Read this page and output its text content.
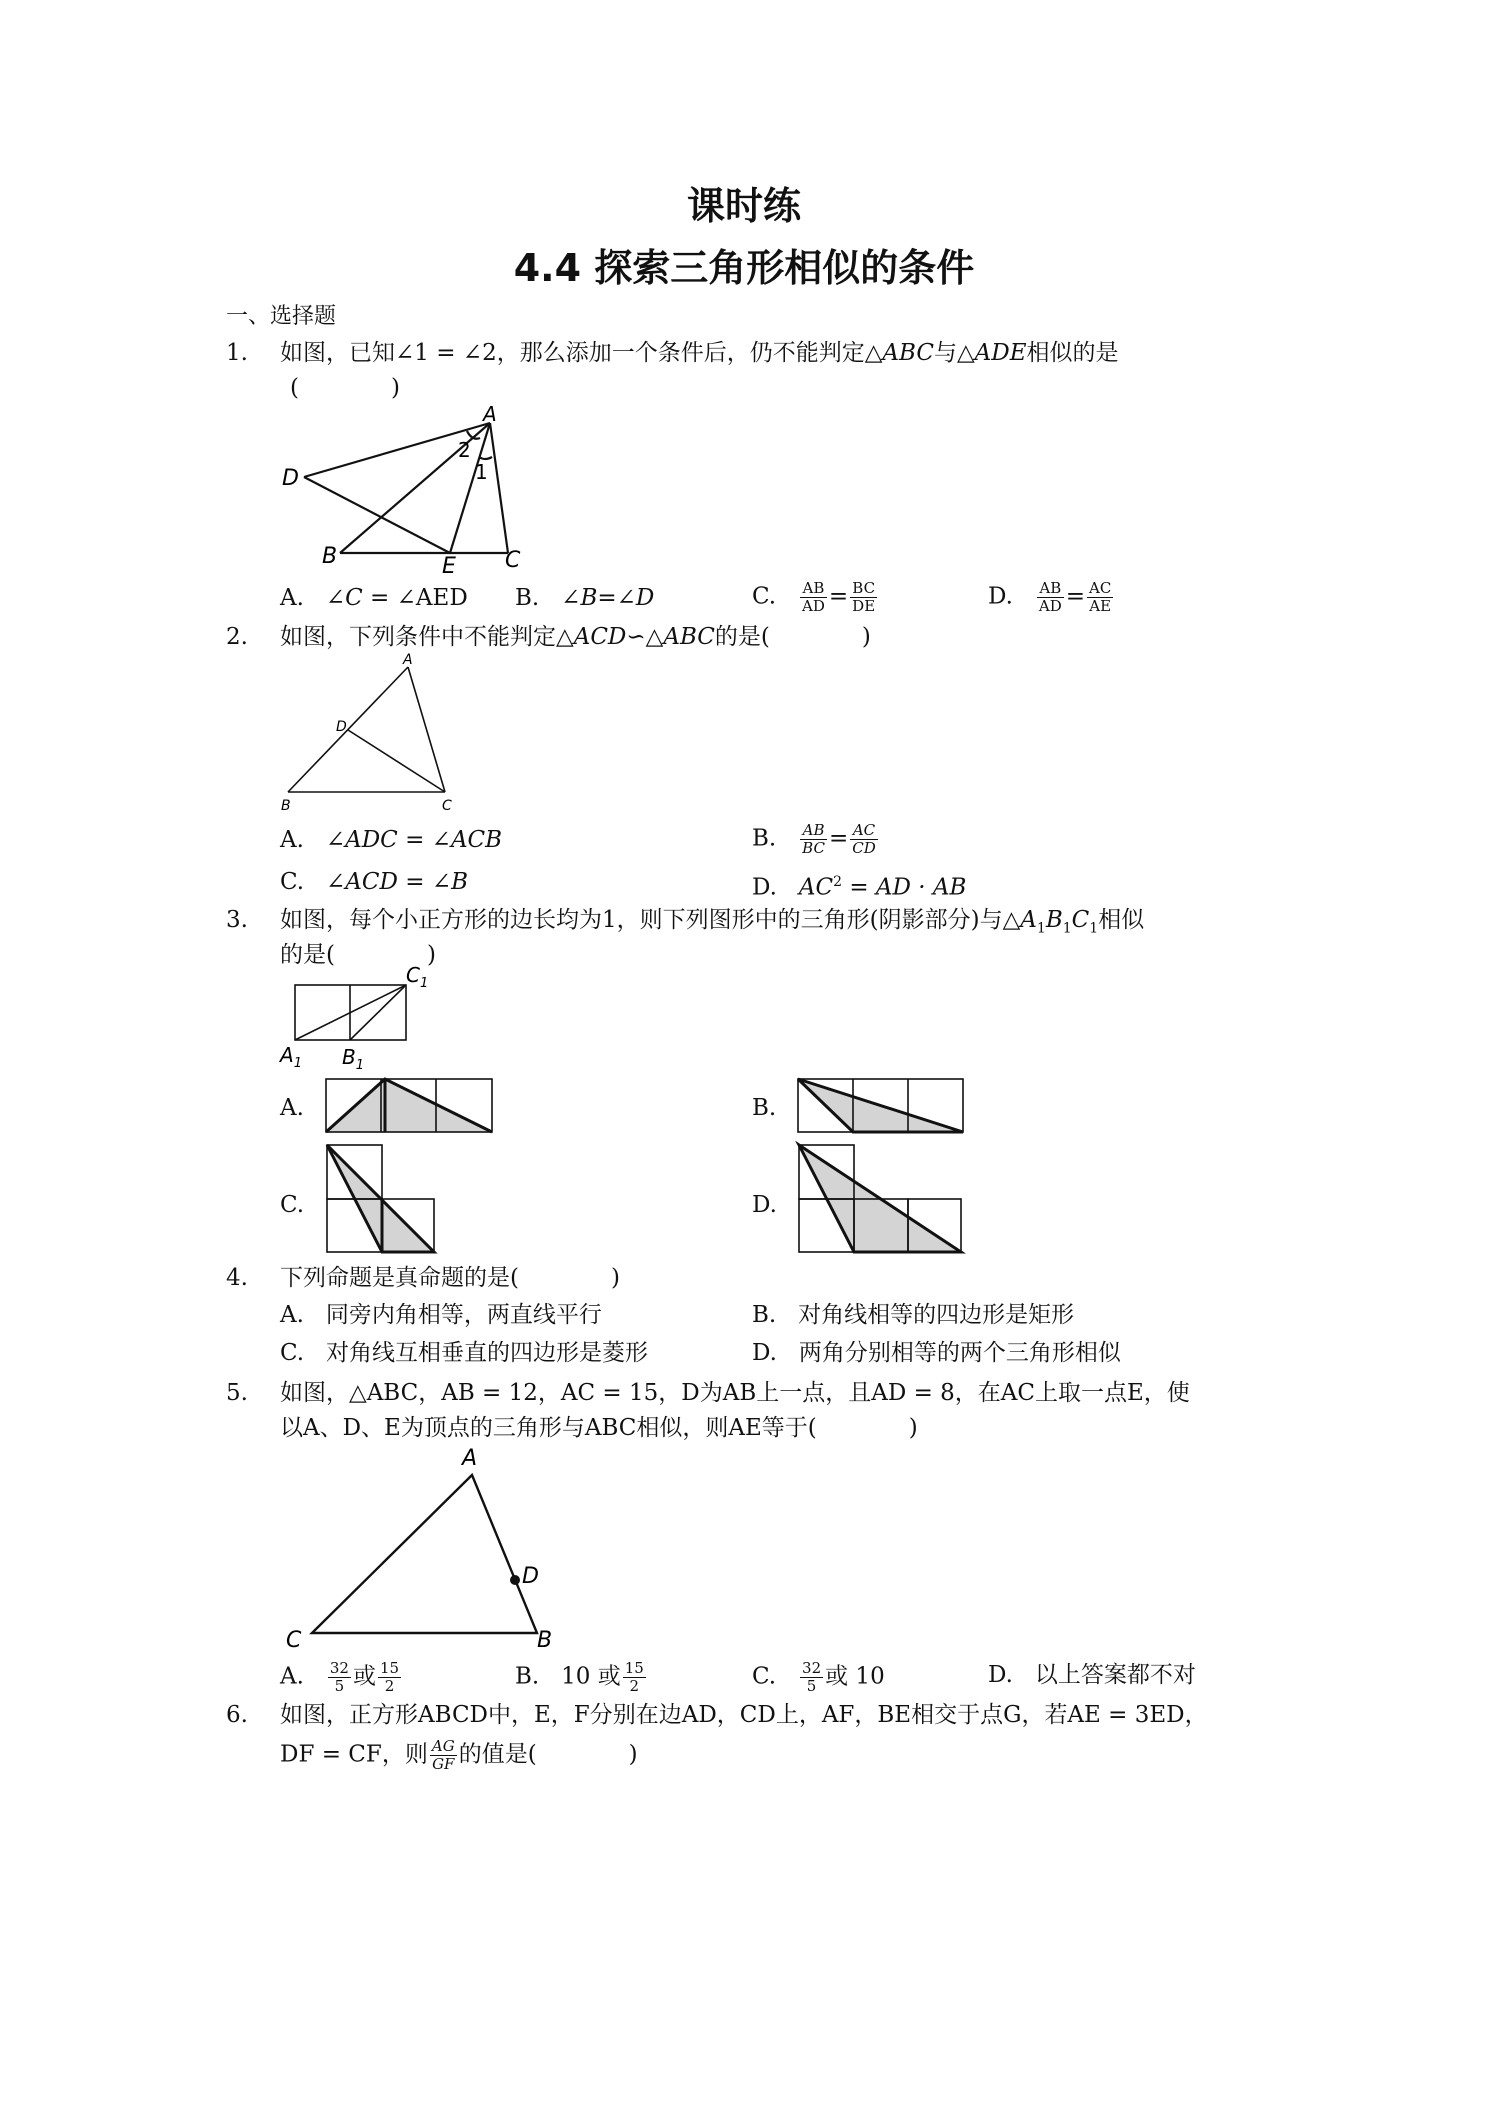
课时练
4.4 探索三角形相似的条件
一、选择题
1. 如图，已知∠1 = ∠2，那么添加一个条件后，仍不能判定△ABC与△ADE相似的是
(　　　　)
A
D
B	E C
2
1
A. ∠C = ∠AED B. ∠B=∠D	C. $\frac{AB}{AD} = \frac{BC}{DE}$	D. $\frac{AB}{AD} = \frac{AC}{AE}$
2. 如图，下列条件中不能判定△ACD∽△ABC的是(　　　　)
A
D
B	C
A. ∠ADC = ∠ACB	B. $\frac{AB}{BC} = \frac{AC}{CD}$
C. ∠ACD = ∠B	D. $AC^2$ = AD · AB
3. 如图，每个小正方形的边长均为1，则下列图形中的三角形(阴影部分)与$\triangle A_1B_1C_1$相似
的是(　　　　)
$C_1$
$A_1$ $B_1$
A.	B.
C.	D.
4. 下列命题是真命题的是(　　　　)
A. 同旁内角相等，两直线平行	B. 对角线相等的四边形是矩形
C. 对角线互相垂直的四边形是菱形	D. 两角分别相等的两个三角形相似
5. 如图，△ABC，AB = 12，AC = 15，D为AB上一点，且AD = 8，在AC上取一点E，使
以A、D、E为顶点的三角形与ABC相似，则AE等于(　　　　)
A
D
C	B
A. $\frac{32}{5}$ 或 $\frac{15}{2}$	B. 10 或 $\frac{15}{2}$	C. $\frac{32}{5}$ 或 10	D. 以上答案都不对
6. 如图，正方形ABCD中，E，F分别在边AD，CD上，AF，BE相交于点G，若AE = 3ED，
DF = CF，则 $\frac{AG}{GF}$ 的值是(　　　　)
